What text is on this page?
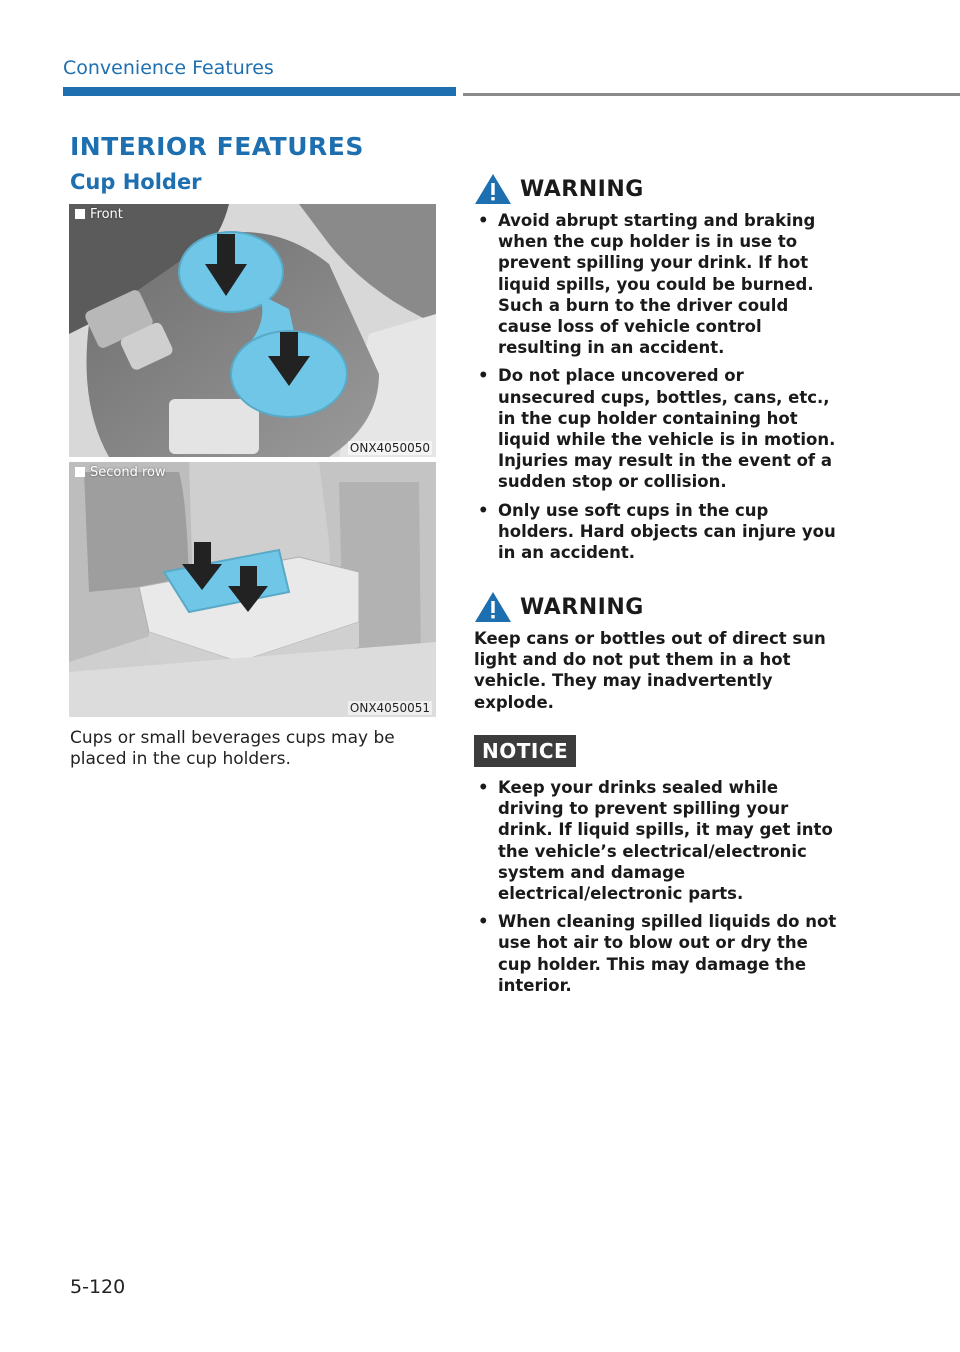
Convenience Features
INTERIOR FEATURES
Cup Holder
Front
ONX4050050
Second row
ONX4050051
Cups or small beverages cups may be placed in the cup holders.
WARNING
• Avoid abrupt starting and braking when the cup holder is in use to prevent spilling your drink. If hot liquid spills, you could be burned. Such a burn to the driver could cause loss of vehicle control resulting in an accident.
• Do not place uncovered or unsecured cups, bottles, cans, etc., in the cup holder containing hot liquid while the vehicle is in motion. Injuries may result in the event of a sudden stop or collision.
• Only use soft cups in the cup holders. Hard objects can injure you in an accident.
WARNING
Keep cans or bottles out of direct sun light and do not put them in a hot vehicle. They may inadvertently explode.
NOTICE
• Keep your drinks sealed while driving to prevent spilling your drink. If liquid spills, it may get into the vehicle’s electrical/electronic system and damage electrical/electronic parts.
• When cleaning spilled liquids do not use hot air to blow out or dry the cup holder. This may damage the interior.
5-120
